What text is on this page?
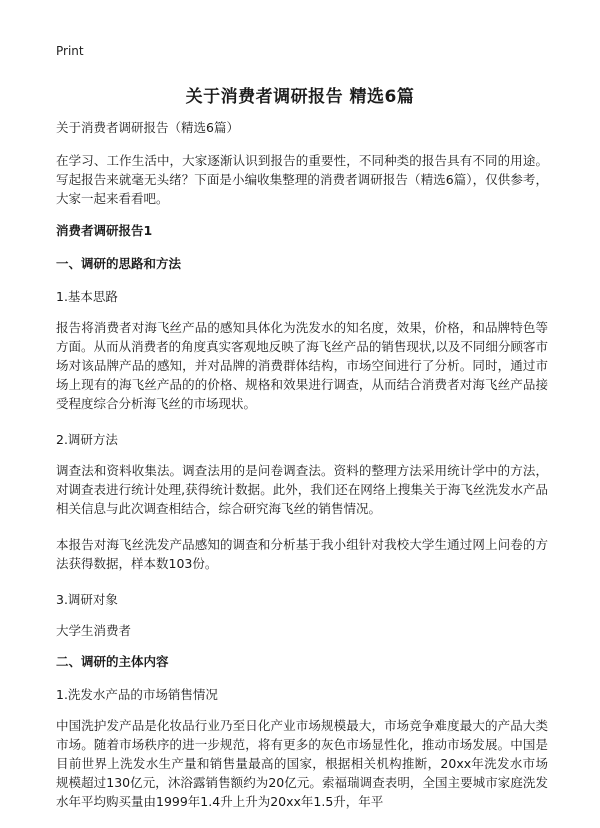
Print
关于消费者调研报告 精选6篇

关于消费者调研报告（精选6篇）

在学习、工作生活中，大家逐渐认识到报告的重要性，不同种类的报告具有不同的用途。写起报告来就毫无头绪？下面是小编收集整理的消费者调研报告（精选6篇），仅供参考，大家一起来看看吧。

消费者调研报告1

一、调研的思路和方法

1.基本思路

报告将消费者对海飞丝产品的感知具体化为洗发水的知名度，效果，价格，和品牌特色等方面。从而从消费者的角度真实客观地反映了海飞丝产品的销售现状,以及不同细分顾客市场对该品牌产品的感知，并对品牌的消费群体结构，市场空间进行了分析。同时，通过市场上现有的海飞丝产品的的价格、规格和效果进行调查，从而结合消费者对海飞丝产品接受程度综合分析海飞丝的市场现状。

2.调研方法

调查法和资料收集法。调查法用的是问卷调查法。资料的整理方法采用统计学中的方法，对调查表进行统计处理,获得统计数据。此外，我们还在网络上搜集关于海飞丝洗发水产品相关信息与此次调查相结合，综合研究海飞丝的销售情况。

本报告对海飞丝洗发产品感知的调查和分析基于我小组针对我校大学生通过网上问卷的方法获得数据，样本数103份。

3.调研对象

大学生消费者

二、调研的主体内容

1.洗发水产品的市场销售情况

中国洗护发产品是化妆品行业乃至日化产业市场规模最大，市场竞争难度最大的产品大类市场。随着市场秩序的进一步规范，将有更多的灰色市场显性化，推动市场发展。中国是目前世界上洗发水生产量和销售量最高的国家，根据相关机构推断，20xx年洗发水市场规模超过130亿元，沐浴露销售额约为20亿元。索福瑞调查表明，全国主要城市家庭洗发水年平均购买量由1999年1.4升上升为20xx年1.5升，年平
